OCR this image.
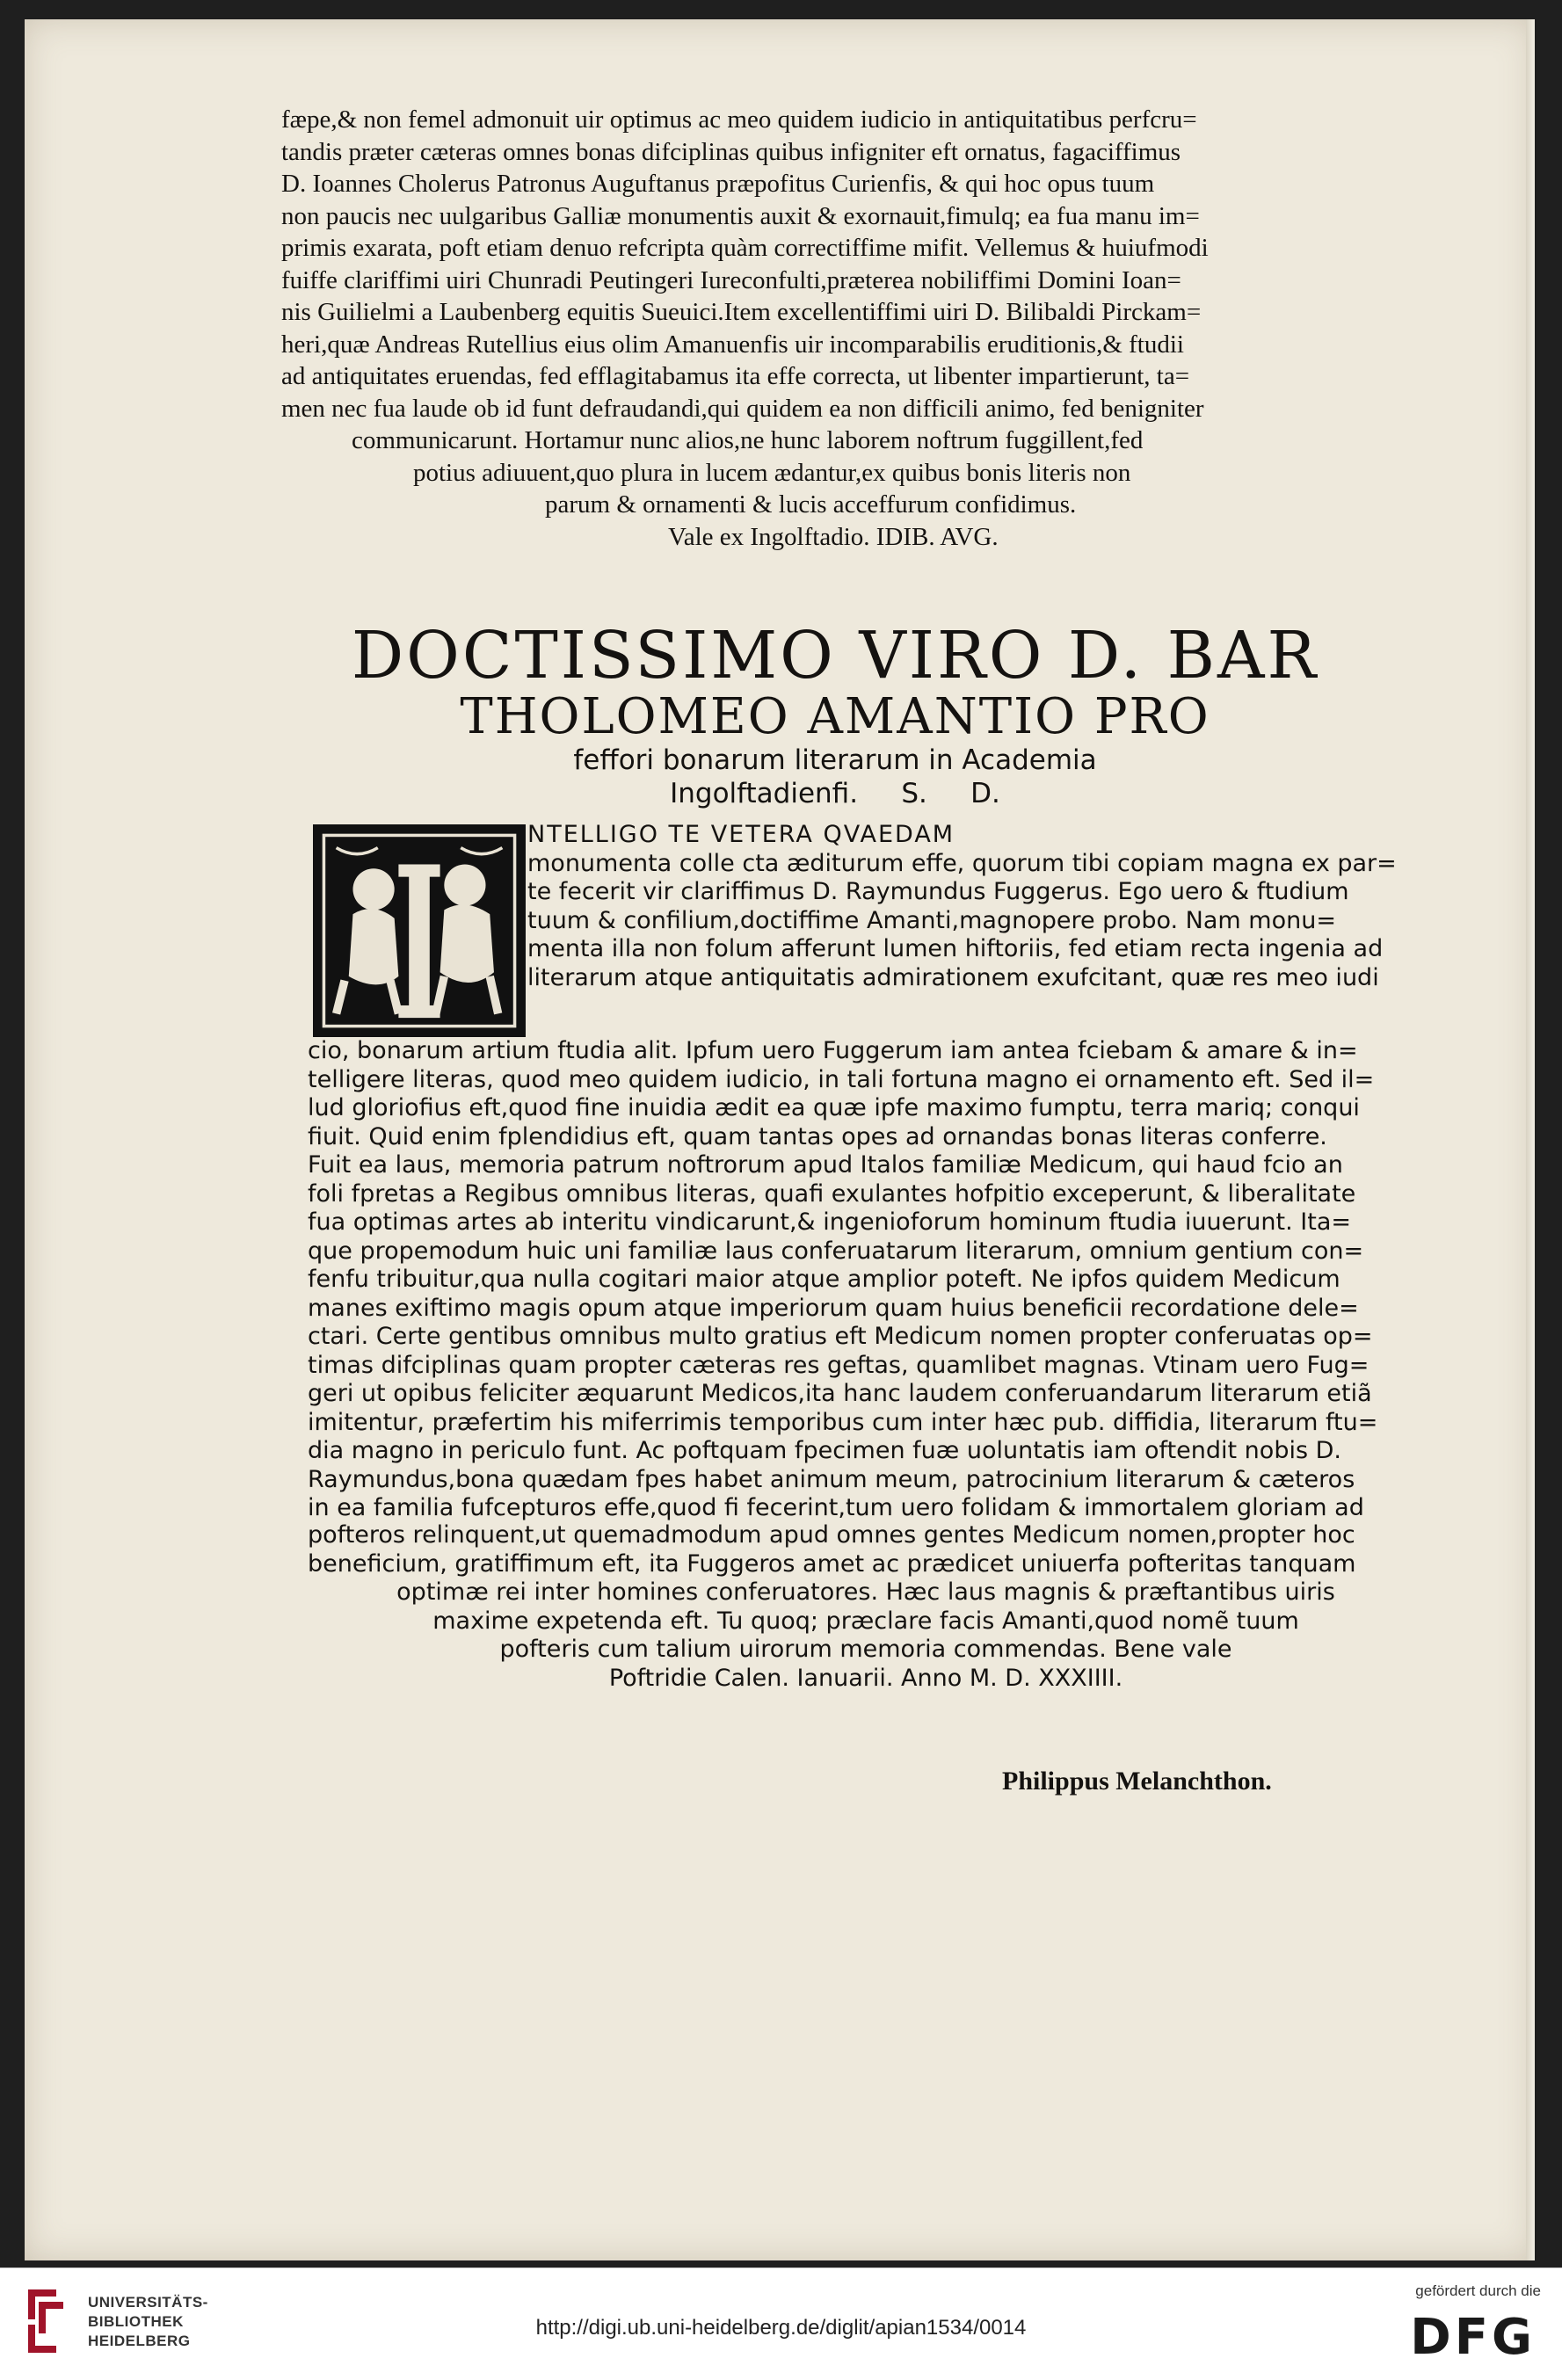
fæpe,& non femel admonuit uir optimus ac meo quidem iudicio in antiquitatibus perfcru=
tandis præter cæteras omnes bonas difciplinas quibus infigniter eft ornatus, fagaciffimus
D. Ioannes Cholerus Patronus Auguftanus præpofitus Curienfis, & qui hoc opus tuum
non paucis nec uulgaribus Galliæ monumentis auxit & exornauit,fimulq; ea fua manu im=
primis exarata, poft etiam denuo refcripta quàm correctiffime mifit. Vellemus & huiufmodi
fuiffe clariffimi uiri Chunradi Peutingeri Iureconfulti,præterea nobiliffimi Domini Ioan=
nis Guilielmi a Laubenberg equitis Sueuici.Item excellentiffimi uiri D. Bilibaldi Pirckam=
heri,quæ Andreas Rutellius eius olim Amanuenfis uir incomparabilis eruditionis,& ftudii
ad antiquitates eruendas, fed efflagitabamus ita effe correcta, ut libenter impartierunt, ta=
men nec fua laude ob id funt defraudandi,qui quidem ea non difficili animo, fed benigniter
communicarunt. Hortamur nunc alios,ne hunc laborem noftrum fuggillent,fed
potius adiuuent,quo plura in lucem ædantur,ex quibus bonis literis non
parum & ornamenti & lucis acceffurum confidimus.
Vale ex Ingolftadio. IDIB. AVG.
DOCTISSIMO VIRO D. BAR
THOLOMEO AMANTIO PRO
feffori bonarum literarum in Academia
Ingolftadienfi.     S.     D.
NTELLIGO TE VETERA QVAEDAM
monumenta colle cta æditurum effe, quorum tibi copiam magna ex par=
te fecerit vir clariffimus D. Raymundus Fuggerus. Ego uero & ftudium
tuum & confilium,doctiffime Amanti,magnopere probo. Nam monu=
menta illa non folum afferunt lumen hiftoriis, fed etiam recta ingenia ad
literarum atque antiquitatis admirationem exufcitant, quæ res meo iudi
cio, bonarum artium ftudia alit. Ipfum uero Fuggerum iam antea fciebam & amare & in=
telligere literas, quod meo quidem iudicio, in tali fortuna magno ei ornamento eft. Sed il=
lud gloriofius eft,quod fine inuidia ædit ea quæ ipfe maximo fumptu, terra mariq; conqui
fiuit. Quid enim fplendidius eft, quam tantas opes ad ornandas bonas literas conferre.
Fuit ea laus, memoria patrum noftrorum apud Italos familiæ Medicum, qui haud fcio an
foli fpretas a Regibus omnibus literas, quafi exulantes hofpitio exceperunt, & liberalitate
fua optimas artes ab interitu vindicarunt,& ingenioforum hominum ftudia iuuerunt. Ita=
que propemodum huic uni familiæ laus conferuatarum literarum, omnium gentium con=
fenfu tribuitur,qua nulla cogitari maior atque amplior poteft. Ne ipfos quidem Medicum
manes exiftimo magis opum atque imperiorum quam huius beneficii recordatione dele=
ctari. Certe gentibus omnibus multo gratius eft Medicum nomen propter conferuatas op=
timas difciplinas quam propter cæteras res geftas, quamlibet magnas. Vtinam uero Fug=
geri ut opibus feliciter æquarunt Medicos,ita hanc laudem conferuandarum literarum etiã
imitentur, præfertim his miferrimis temporibus cum inter hæc pub. diffidia, literarum ftu=
dia magno in periculo funt. Ac poftquam fpecimen fuæ uoluntatis iam oftendit nobis D.
Raymundus,bona quædam fpes habet animum meum, patrocinium literarum & cæteros
in ea familia fufcepturos effe,quod fi fecerint,tum uero folidam & immortalem gloriam ad
pofteros relinquent,ut quemadmodum apud omnes gentes Medicum nomen,propter hoc
beneficium, gratiffimum eft, ita Fuggeros amet ac prædicet uniuerfa pofteritas tanquam
optimæ rei inter homines conferuatores. Hæc laus magnis & præftantibus uiris
maxime expetenda eft. Tu quoq; præclare facis Amanti,quod nomẽ tuum
pofteris cum talium uirorum memoria commendas. Bene vale
Poftridie Calen. Ianuarii. Anno M. D. XXXIIII.
Philippus Melanchthon.
UNIVERSITÄTS-
BIBLIOTHEK
HEIDELBERG
http://digi.ub.uni-heidelberg.de/diglit/apian1534/0014
gefördert durch die
DFG
